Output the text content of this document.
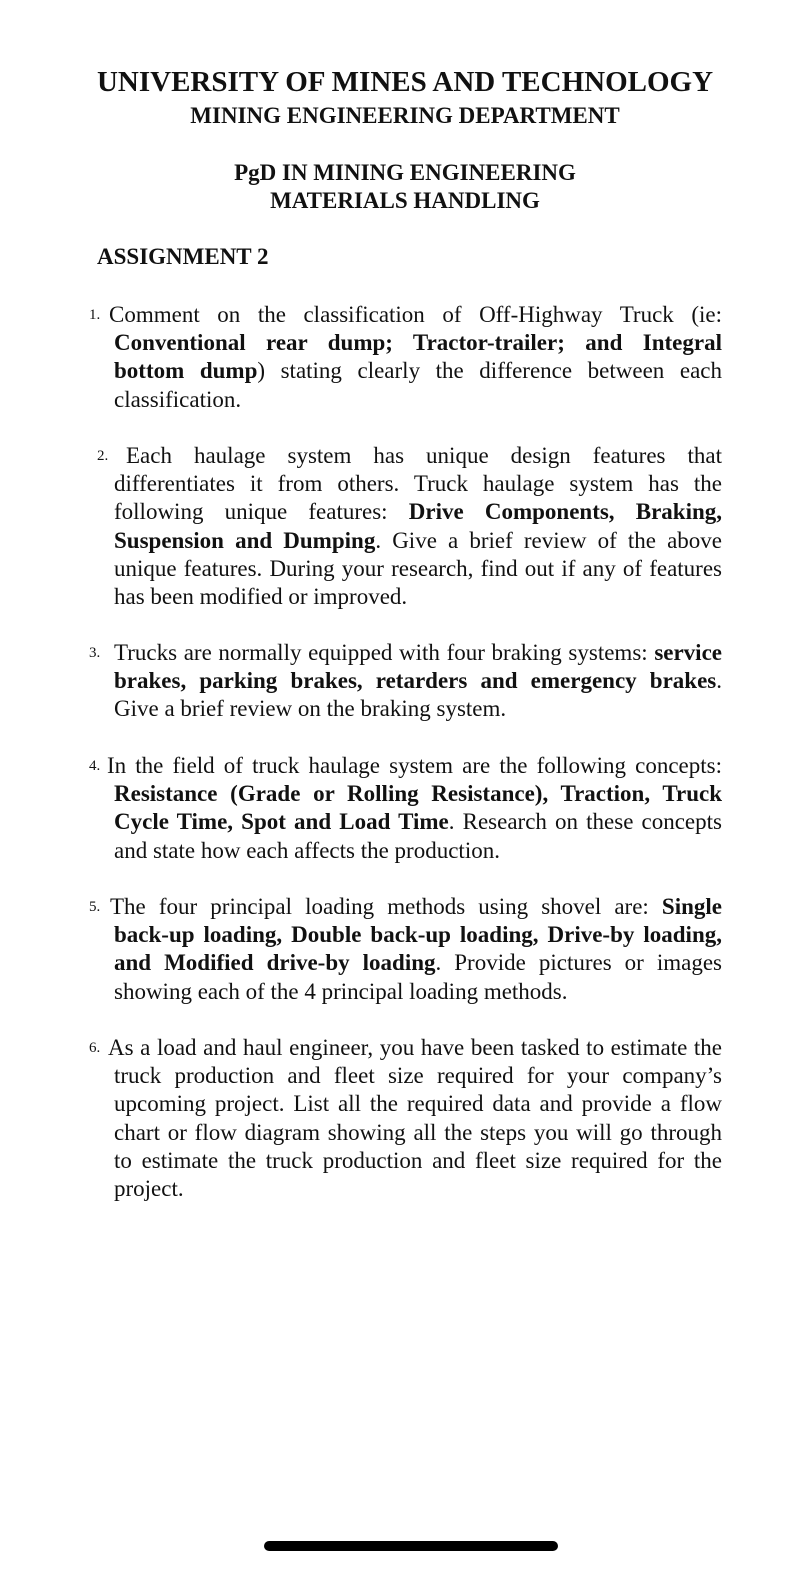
UNIVERSITY OF MINES AND TECHNOLOGY
MINING ENGINEERING DEPARTMENT
PgD IN MINING ENGINEERING
MATERIALS HANDLING
ASSIGNMENT 2
1. Comment on the classification of Off-Highway Truck (ie: Conventional rear dump; Tractor-trailer; and Integral bottom dump) stating clearly the difference between each classification.
2. Each haulage system has unique design features that differentiates it from others. Truck haulage system has the following unique features: Drive Components, Braking, Suspension and Dumping. Give a brief review of the above unique features. During your research, find out if any of features has been modified or improved.
3. Trucks are normally equipped with four braking systems: service brakes, parking brakes, retarders and emergency brakes. Give a brief review on the braking system.
4. In the field of truck haulage system are the following concepts: Resistance (Grade or Rolling Resistance), Traction, Truck Cycle Time, Spot and Load Time. Research on these concepts and state how each affects the production.
5. The four principal loading methods using shovel are: Single back-up loading, Double back-up loading, Drive-by loading, and Modified drive-by loading. Provide pictures or images showing each of the 4 principal loading methods.
6. As a load and haul engineer, you have been tasked to estimate the truck production and fleet size required for your company’s upcoming project. List all the required data and provide a flow chart or flow diagram showing all the steps you will go through to estimate the truck production and fleet size required for the project.
